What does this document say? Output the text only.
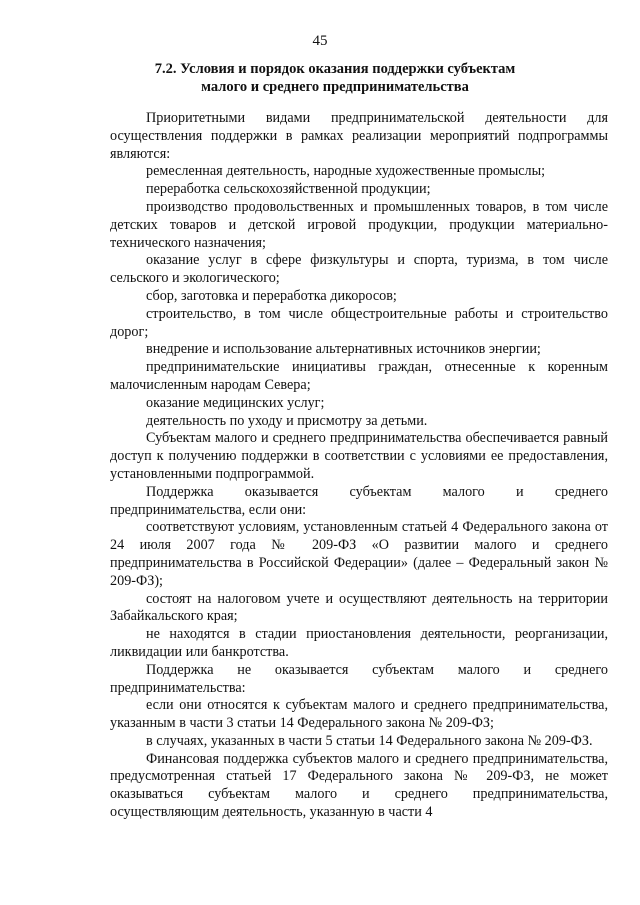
45
7.2. Условия и порядок оказания поддержки субъектам
малого и среднего предпринимательства

Приоритетными видами предпринимательской деятельности для осуществления поддержки в рамках реализации мероприятий подпрограммы являются:

ремесленная деятельность, народные художественные промыслы;

переработка сельскохозяйственной продукции;

производство продовольственных и промышленных товаров, в том числе детских товаров и детской игровой продукции, продукции материально-технического назначения;

оказание услуг в сфере физкультуры и спорта, туризма, в том числе сельского и экологического;

сбор, заготовка и переработка дикоросов;

строительство, в том числе общестроительные работы и строительство дорог;

внедрение и использование альтернативных источников энергии;

предпринимательские инициативы граждан, отнесенные к коренным малочисленным народам Севера;

оказание медицинских услуг;

деятельность по уходу и присмотру за детьми.

Субъектам малого и среднего предпринимательства обеспечивается равный доступ к получению поддержки в соответствии с условиями ее предоставления, установленными подпрограммой.

Поддержка оказывается субъектам малого и среднего предпринимательства, если они:

соответствуют условиям, установленным статьей 4 Федерального закона от 24 июля 2007 года № 209-ФЗ «О развитии малого и среднего предпринимательства в Российской Федерации» (далее – Федеральный закон № 209-ФЗ);

состоят на налоговом учете и осуществляют деятельность на территории Забайкальского края;

не находятся в стадии приостановления деятельности, реорганизации, ликвидации или банкротства.

Поддержка не оказывается субъектам малого и среднего предпринимательства:

если они относятся к субъектам малого и среднего предпринимательства, указанным в части 3 статьи 14 Федерального закона № 209-ФЗ;

в случаях, указанных в части 5 статьи 14 Федерального закона № 209-ФЗ.

Финансовая поддержка субъектов малого и среднего предпринимательства, предусмотренная статьей 17 Федерального закона № 209-ФЗ, не может оказываться субъектам малого и среднего предпринимательства, осуществляющим деятельность, указанную в части 4
